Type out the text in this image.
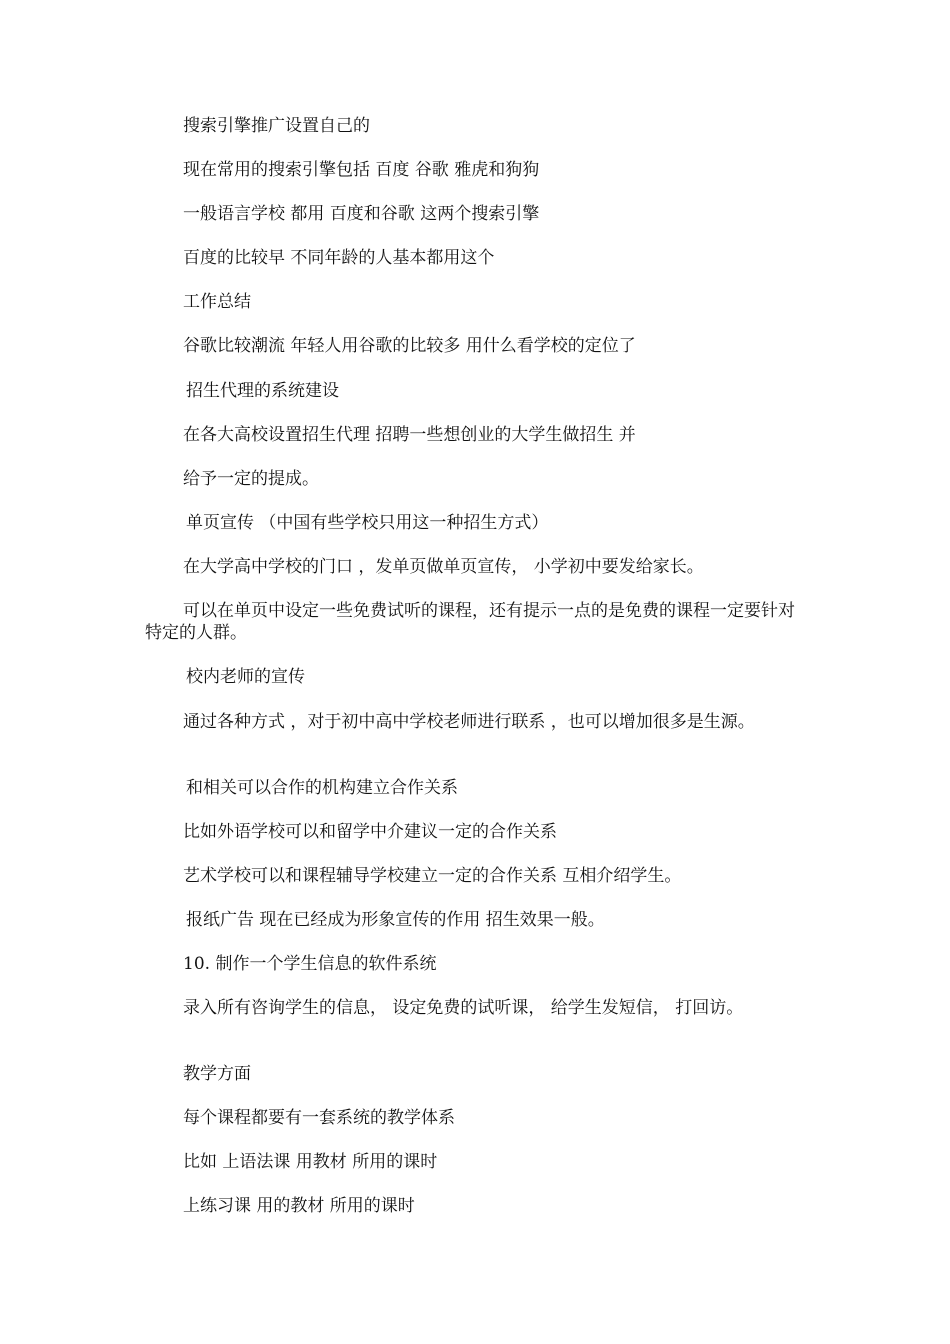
搜索引擎推广设置自己的

现在常用的搜索引擎包括 百度 谷歌 雅虎和狗狗

一般语言学校 都用 百度和谷歌 这两个搜索引擎

百度的比较早 不同年龄的人基本都用这个

工作总结

谷歌比较潮流 年轻人用谷歌的比较多 用什么看学校的定位了

招生代理的系统建设

在各大高校设置招生代理 招聘一些想创业的大学生做招生 并

给予一定的提成。

单页宣传 （中国有些学校只用这一种招生方式）

在大学高中学校的门口 ，发单页做单页宣传， 小学初中要发给家长。

可以在单页中设定一些免费试听的课程，还有提示一点的是免费的课程一定要针对特定的人群。

校内老师的宣传

通过各种方式 ，对于初中高中学校老师进行联系 ，也可以增加很多是生源。

和相关可以合作的机构建立合作关系

比如外语学校可以和留学中介建议一定的合作关系

艺术学校可以和课程辅导学校建立一定的合作关系 互相介绍学生。

报纸广告 现在已经成为形象宣传的作用 招生效果一般。

10. 制作一个学生信息的软件系统

录入所有咨询学生的信息， 设定免费的试听课， 给学生发短信， 打回访。

教学方面

每个课程都要有一套系统的教学体系

比如 上语法课 用教材 所用的课时

上练习课 用的教材 所用的课时
